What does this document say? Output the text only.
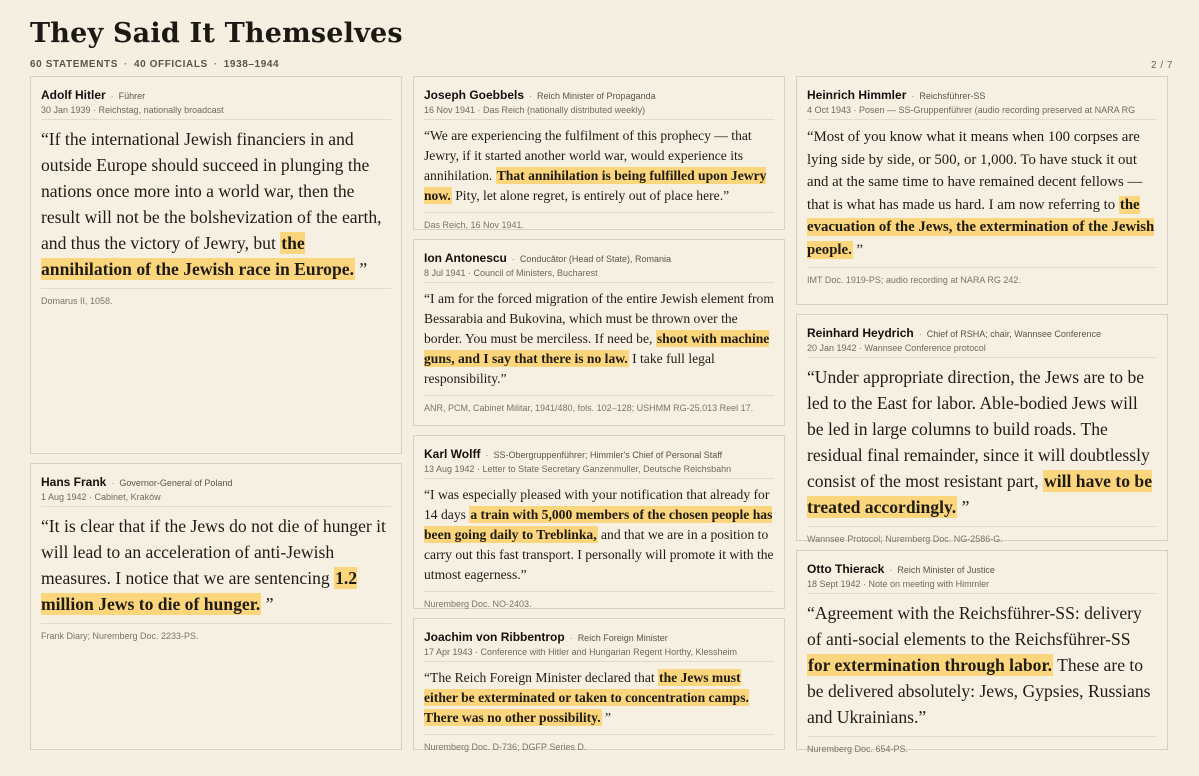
They Said It Themselves
60 STATEMENTS · 40 OFFICIALS · 1938–1944	2 / 7
Adolf Hitler · Führer
30 Jan 1939 · Reichstag, nationally broadcast
“If the international Jewish financiers in and outside Europe should succeed in plunging the nations once more into a world war, then the result will not be the bolshevization of the earth, and thus the victory of Jewry, but the annihilation of the Jewish race in Europe. ”
Domarus II, 1058.
Hans Frank · Governor-General of Poland
1 Aug 1942 · Cabinet, Kraków
“It is clear that if the Jews do not die of hunger it will lead to an acceleration of anti-Jewish measures. I notice that we are sentencing 1.2 million Jews to die of hunger. ”
Frank Diary; Nuremberg Doc. 2233-PS.
Joseph Goebbels · Reich Minister of Propaganda
16 Nov 1941 · Das Reich (nationally distributed weekly)
“We are experiencing the fulfilment of this prophecy — that Jewry, if it started another world war, would experience its annihilation. That annihilation is being fulfilled upon Jewry now. Pity, let alone regret, is entirely out of place here.”
Das Reich, 16 Nov 1941.
Ion Antonescu · Conducător (Head of State), Romania
8 Jul 1941 · Council of Ministers, Bucharest
“I am for the forced migration of the entire Jewish element from Bessarabia and Bukovina, which must be thrown over the border. You must be merciless. If need be, shoot with machine guns, and I say that there is no law. I take full legal responsibility.”
ANR, PCM, Cabinet Militar, 1941/480, fols. 102–128; USHMM RG-25.013 Reel 17.
Karl Wolff · SS-Obergruppenführer; Himmler's Chief of Personal Staff
13 Aug 1942 · Letter to State Secretary Ganzenmuller, Deutsche Reichsbahn
“I was especially pleased with your notification that already for 14 days a train with 5,000 members of the chosen people has been going daily to Treblinka, and that we are in a position to carry out this fast transport. I personally will promote it with the utmost eagerness.”
Nuremberg Doc. NO-2403.
Joachim von Ribbentrop · Reich Foreign Minister
17 Apr 1943 · Conference with Hitler and Hungarian Regent Horthy, Klessheim
“The Reich Foreign Minister declared that the Jews must either be exterminated or taken to concentration camps. There was no other possibility. ”
Nuremberg Doc. D-736; DGFP Series D.
Heinrich Himmler · Reichsführer-SS
4 Oct 1943 · Posen — SS-Gruppenführer (audio recording preserved at NARA RG
“Most of you know what it means when 100 corpses are lying side by side, or 500, or 1,000. To have stuck it out and at the same time to have remained decent fellows — that is what has made us hard. I am now referring to the evacuation of the Jews, the extermination of the Jewish people. ”
IMT Doc. 1919-PS; audio recording at NARA RG 242.
Reinhard Heydrich · Chief of RSHA; chair, Wannsee Conference
20 Jan 1942 · Wannsee Conference protocol
“Under appropriate direction, the Jews are to be led to the East for labor. Able-bodied Jews will be led in large columns to build roads. The residual final remainder, since it will doubtlessly consist of the most resistant part, will have to be treated accordingly. ”
Wannsee Protocol; Nuremberg Doc. NG-2586-G.
Otto Thierack · Reich Minister of Justice
18 Sept 1942 · Note on meeting with Himmler
“Agreement with the Reichsführer-SS: delivery of anti-social elements to the Reichsführer-SS for extermination through labor. These are to be delivered absolutely: Jews, Gypsies, Russians and Ukrainians.”
Nuremberg Doc. 654-PS.
